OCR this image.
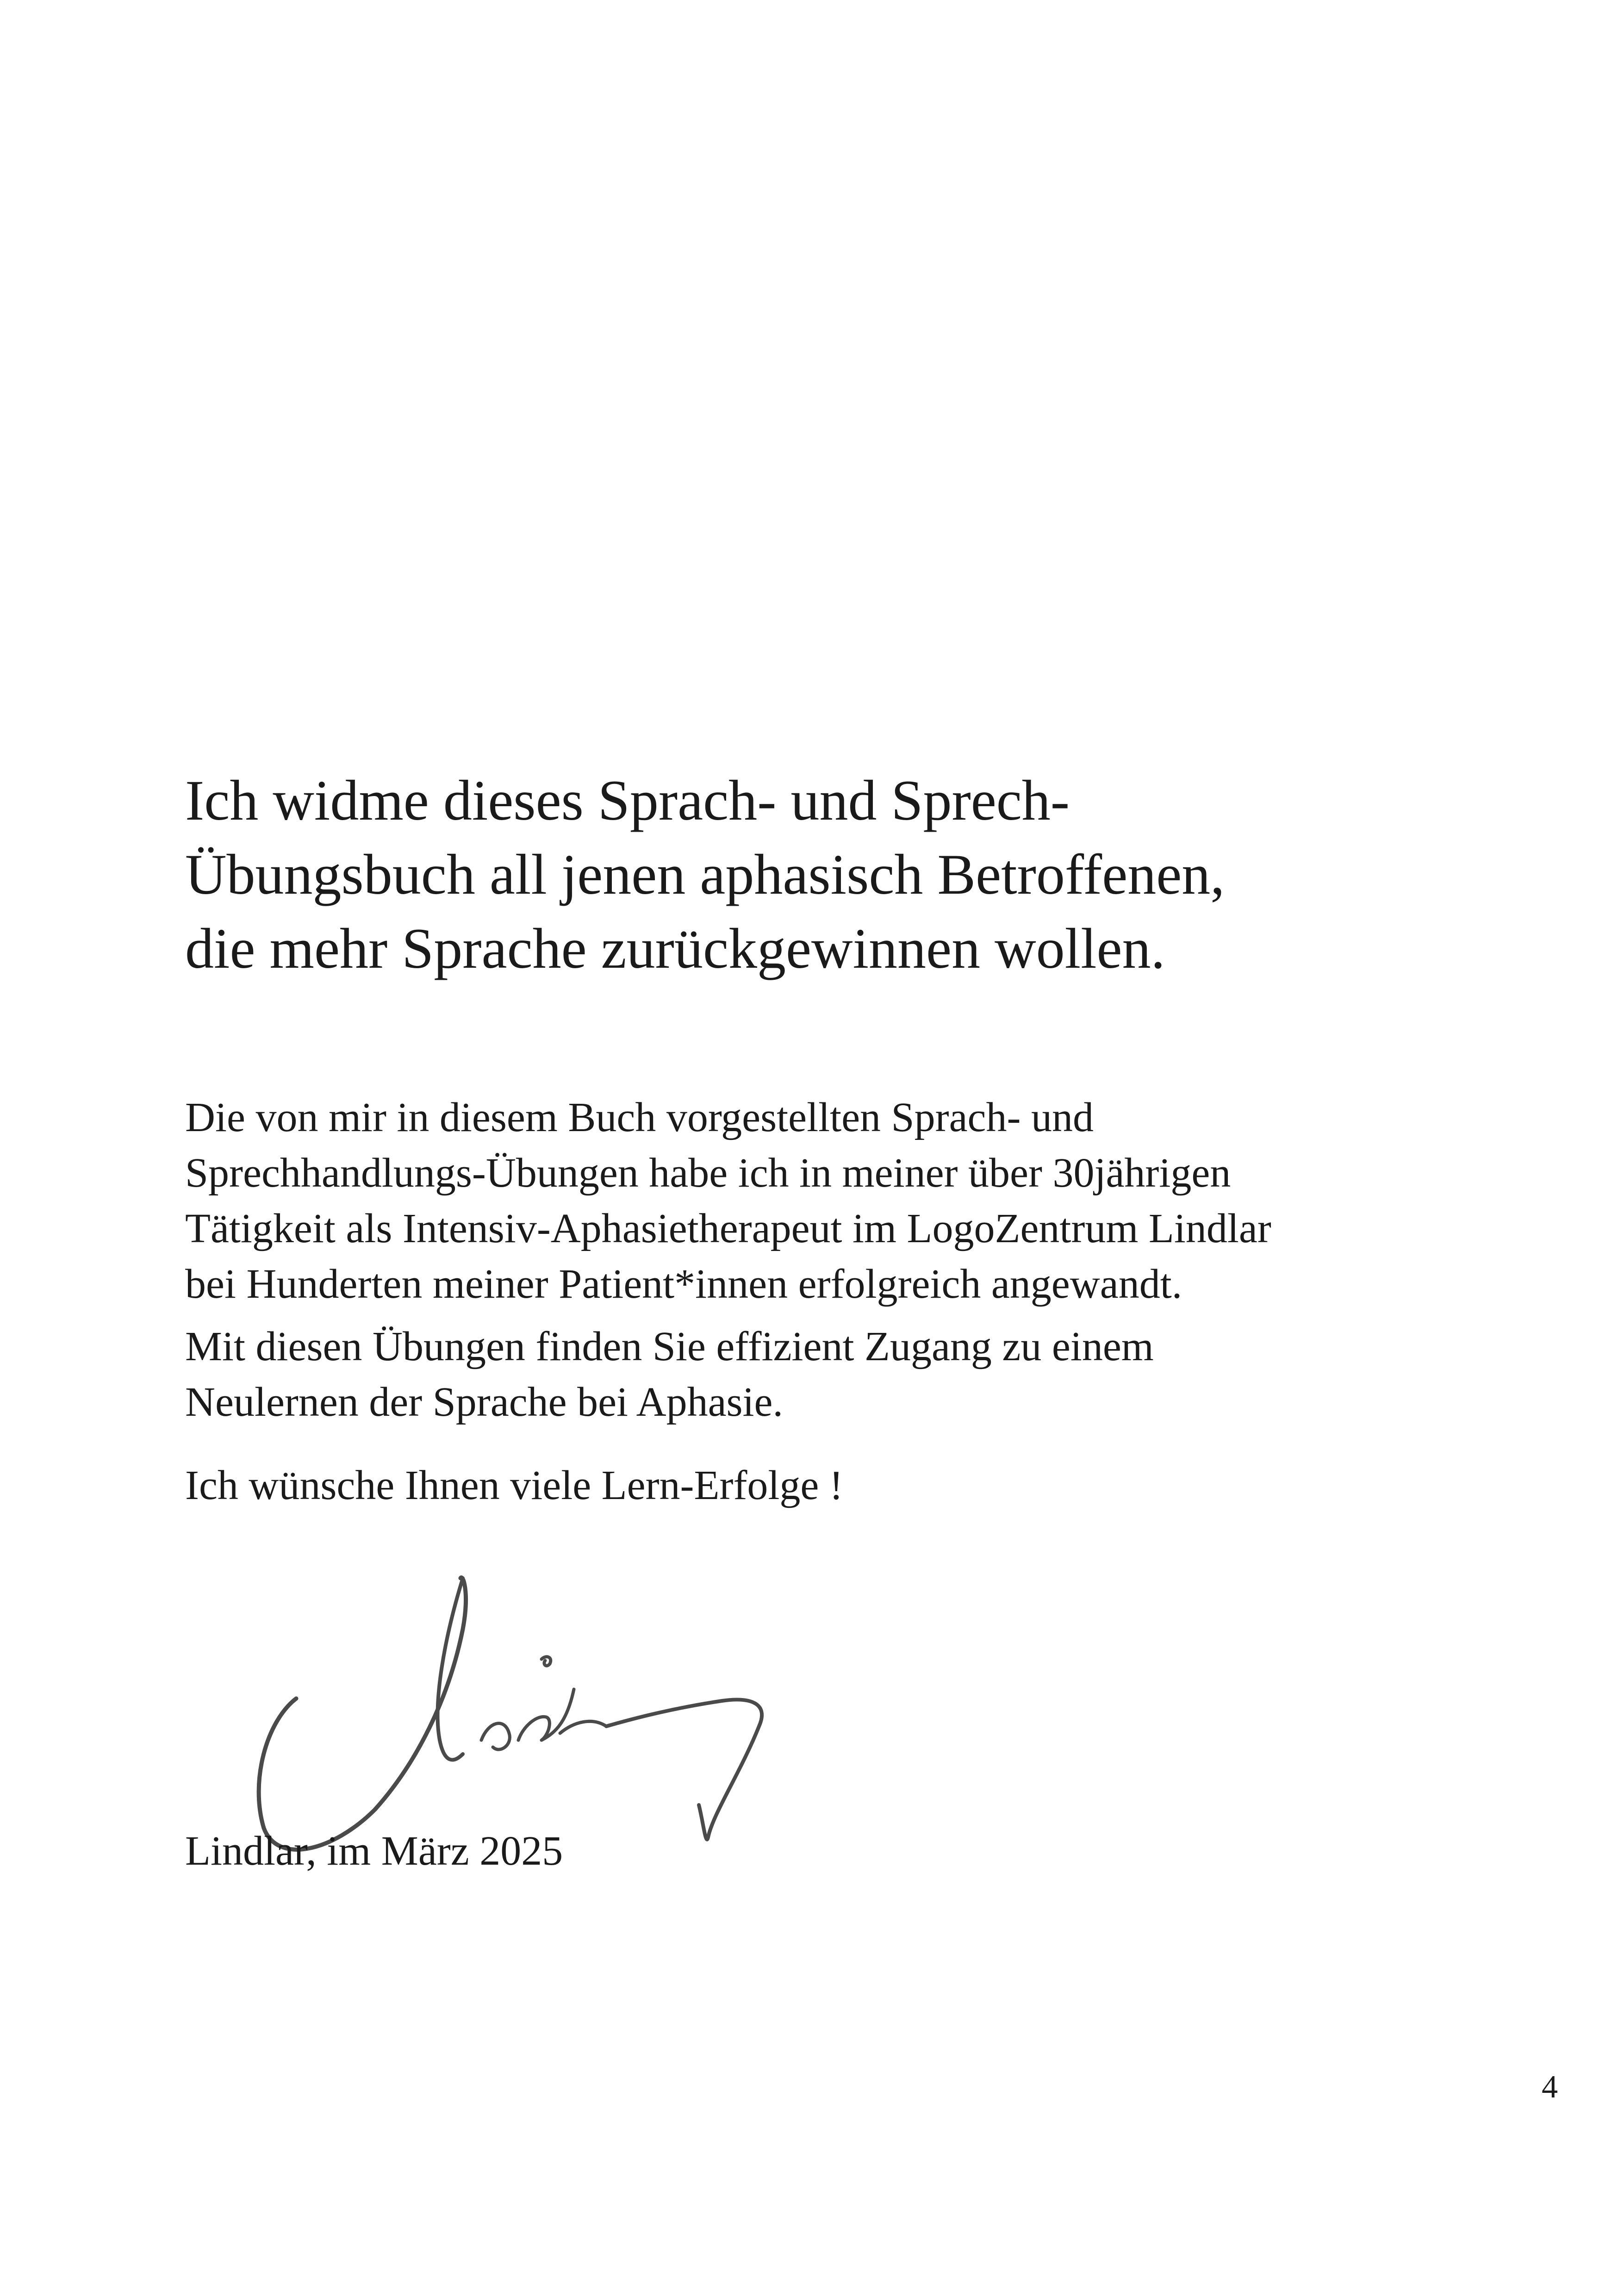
Ich widme dieses Sprach- und Sprech-
Übungsbuch all jenen aphasisch Betroffenen,
die mehr Sprache zurückgewinnen wollen.

Die von mir in diesem Buch vorgestellten Sprach- und
Sprechhandlungs-Übungen habe ich in meiner über 30jährigen
Tätigkeit als Intensiv-Aphasietherapeut im LogoZentrum Lindlar
bei Hunderten meiner Patient*innen erfolgreich angewandt.

Mit diesen Übungen finden Sie effizient Zugang zu einem
Neulernen der Sprache bei Aphasie.

Ich wünsche Ihnen viele Lern-Erfolge !

Lindlar, im März 2025

4
